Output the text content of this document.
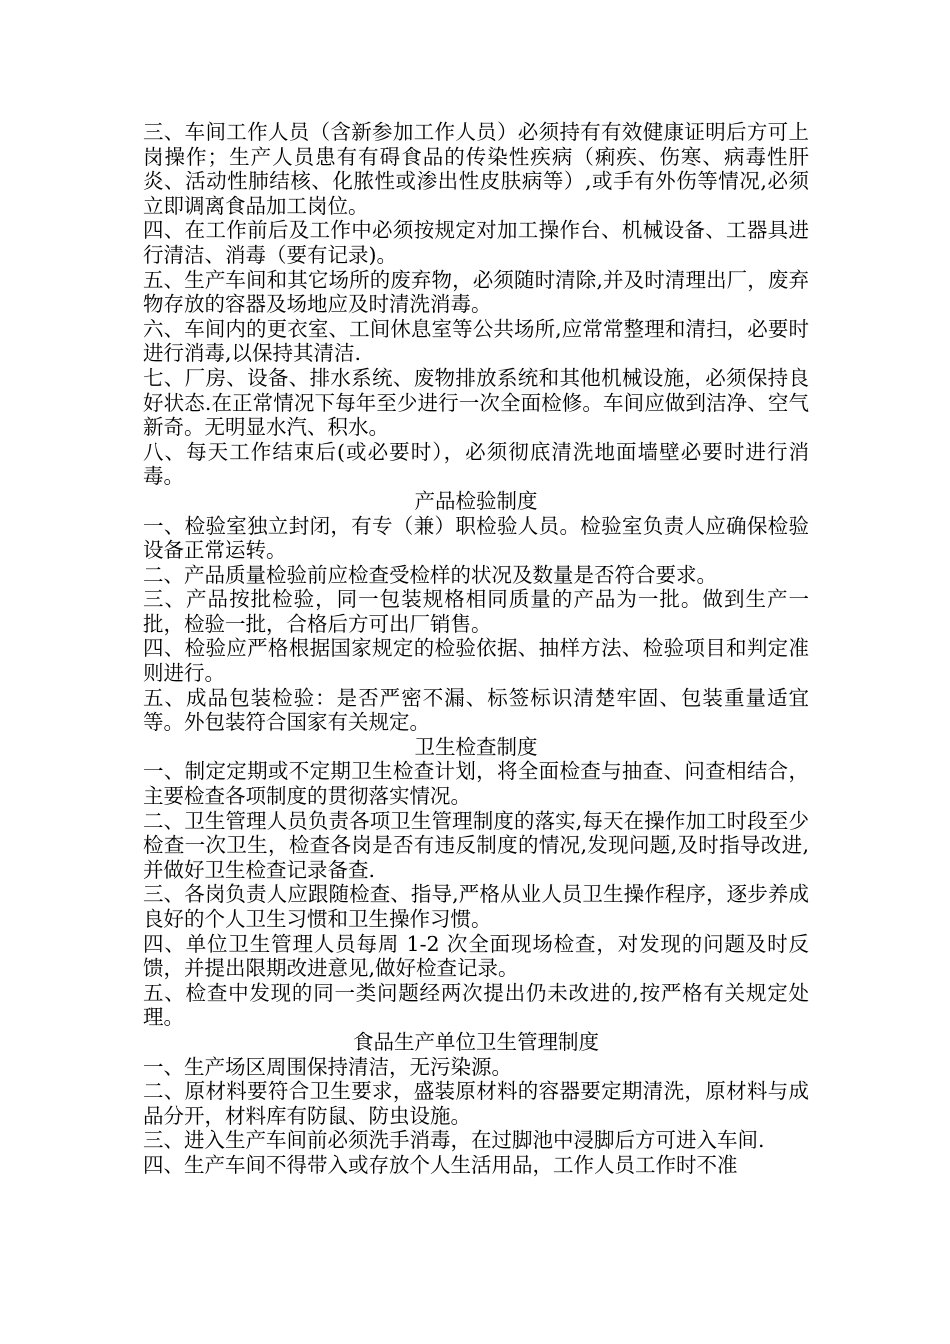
三、车间工作人员（含新参加工作人员）必须持有有效健康证明后方可上岗操作；生产人员患有有碍食品的传染性疾病（痢疾、伤寒、病毒性肝炎、活动性肺结核、化脓性或渗出性皮肤病等）,或手有外伤等情况,必须立即调离食品加工岗位。

四、在工作前后及工作中必须按规定对加工操作台、机械设备、工器具进行清洁、消毒（要有记录)。

五、生产车间和其它场所的废弃物，必须随时清除,并及时清理出厂，废弃物存放的容器及场地应及时清洗消毒。

六、车间内的更衣室、工间休息室等公共场所,应常常整理和清扫，必要时进行消毒,以保持其清洁.

七、厂房、设备、排水系统、废物排放系统和其他机械设施，必须保持良好状态.在正常情况下每年至少进行一次全面检修。车间应做到洁净、空气新奇。无明显水汽、积水。

八、每天工作结束后(或必要时），必须彻底清洗地面墙壁必要时进行消毒。

产品检验制度

一、检验室独立封闭，有专（兼）职检验人员。检验室负责人应确保检验设备正常运转。

二、产品质量检验前应检查受检样的状况及数量是否符合要求。

三、产品按批检验，同一包装规格相同质量的产品为一批。做到生产一批，检验一批，合格后方可出厂销售。

四、检验应严格根据国家规定的检验依据、抽样方法、检验项目和判定准则进行。

五、成品包装检验：是否严密不漏、标签标识清楚牢固、包装重量适宜等。外包装符合国家有关规定。

卫生检查制度

一、制定定期或不定期卫生检查计划，将全面检查与抽查、问查相结合，主要检查各项制度的贯彻落实情况。

二、卫生管理人员负责各项卫生管理制度的落实,每天在操作加工时段至少检查一次卫生，检查各岗是否有违反制度的情况,发现问题,及时指导改进,并做好卫生检查记录备查.

三、各岗负责人应跟随检查、指导,严格从业人员卫生操作程序，逐步养成良好的个人卫生习惯和卫生操作习惯。

四、单位卫生管理人员每周 1-2 次全面现场检查，对发现的问题及时反馈，并提出限期改进意见,做好检查记录。

五、检查中发现的同一类问题经两次提出仍未改进的,按严格有关规定处理。

食品生产单位卫生管理制度

一、生产场区周围保持清洁，无污染源。

二、原材料要符合卫生要求，盛装原材料的容器要定期清洗，原材料与成品分开，材料库有防鼠、防虫设施。

三、进入生产车间前必须洗手消毒，在过脚池中浸脚后方可进入车间.

四、生产车间不得带入或存放个人生活用品，工作人员工作时不准
